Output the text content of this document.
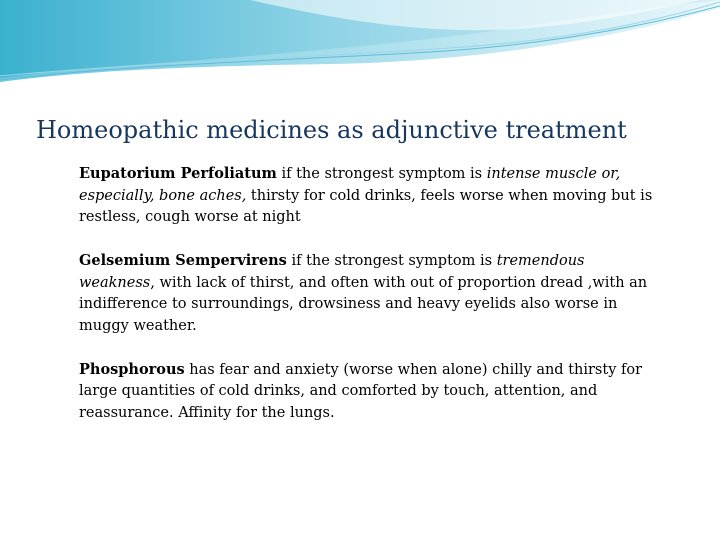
Homeopathic medicines as adjunctive treatment

Eupatorium Perfoliatum if the strongest symptom is intense muscle or, especially, bone aches, thirsty for cold drinks, feels worse when moving but is restless, cough worse at night

Gelsemium Sempervirens if the strongest symptom is tremendous weakness, with lack of thirst, and often with out of proportion dread ,with an indifference to surroundings, drowsiness and heavy eyelids also worse in muggy weather.

Phosphorous has fear and anxiety (worse when alone) chilly and thirsty for large quantities of cold drinks, and comforted by touch, attention, and reassurance. Affinity for the lungs.
